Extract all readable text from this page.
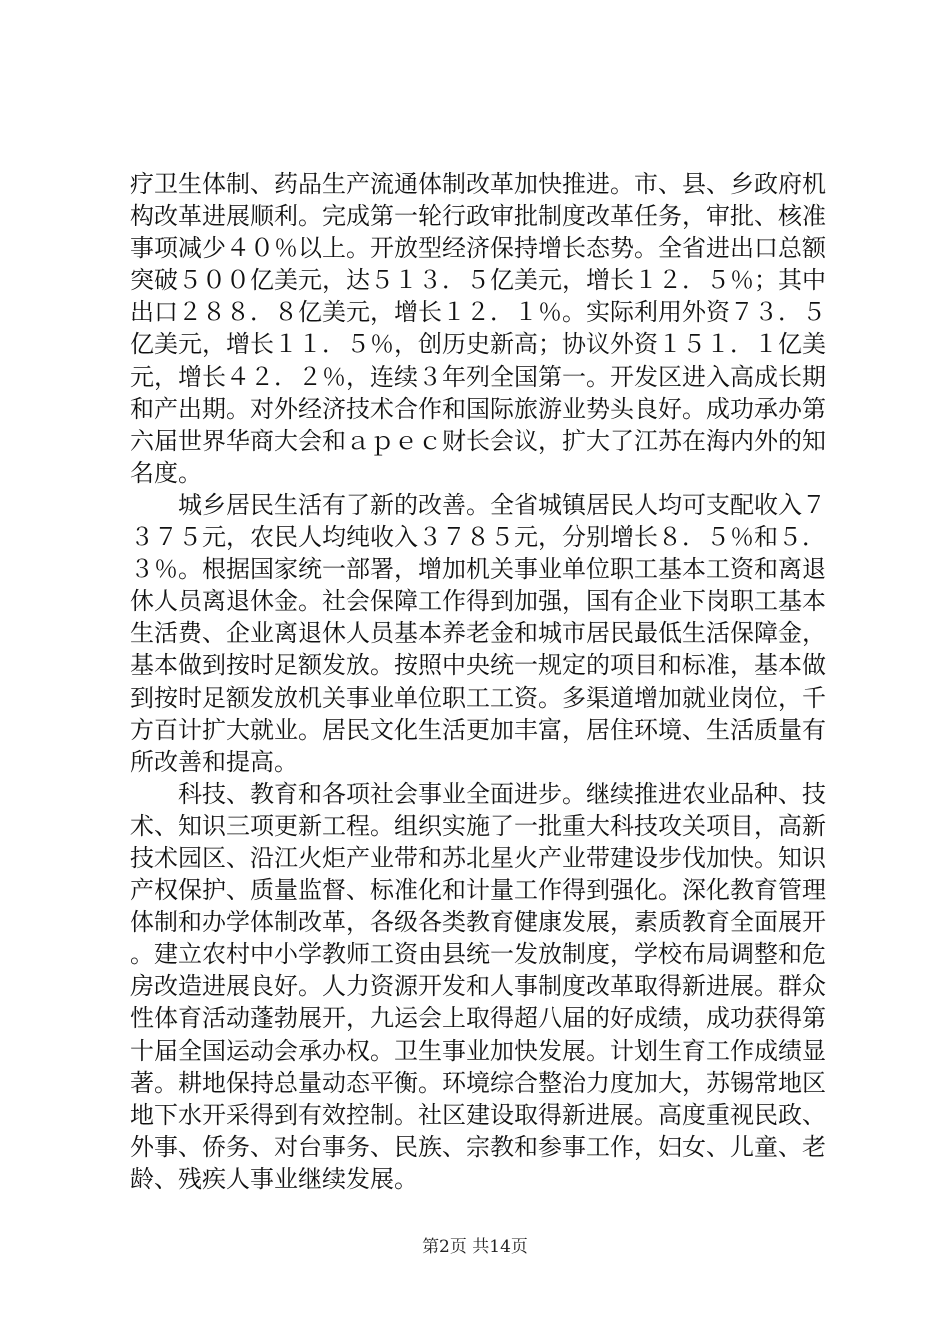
疗卫生体制、药品生产流通体制改革加快推进。市、县、乡政府机构改革进展顺利。完成第一轮行政审批制度改革任务，审批、核准事项减少４０％以上。开放型经济保持增长态势。全省进出口总额突破５００亿美元，达５１３．５亿美元，增长１２．５％；其中出口２８８．８亿美元，增长１２．１％。实际利用外资７３．５亿美元，增长１１．５％，创历史新高；协议外资１５１．１亿美元，增长４２．２％，连续３年列全国第一。开发区进入高成长期和产出期。对外经济技术合作和国际旅游业势头良好。成功承办第六届世界华商大会和ａｐｅｃ财长会议，扩大了江苏在海内外的知名度。

城乡居民生活有了新的改善。全省城镇居民人均可支配收入７３７５元，农民人均纯收入３７８５元，分别增长８．５％和５．３％。根据国家统一部署，增加机关事业单位职工基本工资和离退休人员离退休金。社会保障工作得到加强，国有企业下岗职工基本生活费、企业离退休人员基本养老金和城市居民最低生活保障金，基本做到按时足额发放。按照中央统一规定的项目和标准，基本做到按时足额发放机关事业单位职工工资。多渠道增加就业岗位，千方百计扩大就业。居民文化生活更加丰富，居住环境、生活质量有所改善和提高。

科技、教育和各项社会事业全面进步。继续推进农业品种、技术、知识三项更新工程。组织实施了一批重大科技攻关项目，高新技术园区、沿江火炬产业带和苏北星火产业带建设步伐加快。知识产权保护、质量监督、标准化和计量工作得到强化。深化教育管理体制和办学体制改革，各级各类教育健康发展，素质教育全面展开。建立农村中小学教师工资由县统一发放制度，学校布局调整和危房改造进展良好。人力资源开发和人事制度改革取得新进展。群众性体育活动蓬勃展开，九运会上取得超八届的好成绩，成功获得第十届全国运动会承办权。卫生事业加快发展。计划生育工作成绩显著。耕地保持总量动态平衡。环境综合整治力度加大，苏锡常地区地下水开采得到有效控制。社区建设取得新进展。高度重视民政、外事、侨务、对台事务、民族、宗教和参事工作，妇女、儿童、老龄、残疾人事业继续发展。

第2页 共14页
